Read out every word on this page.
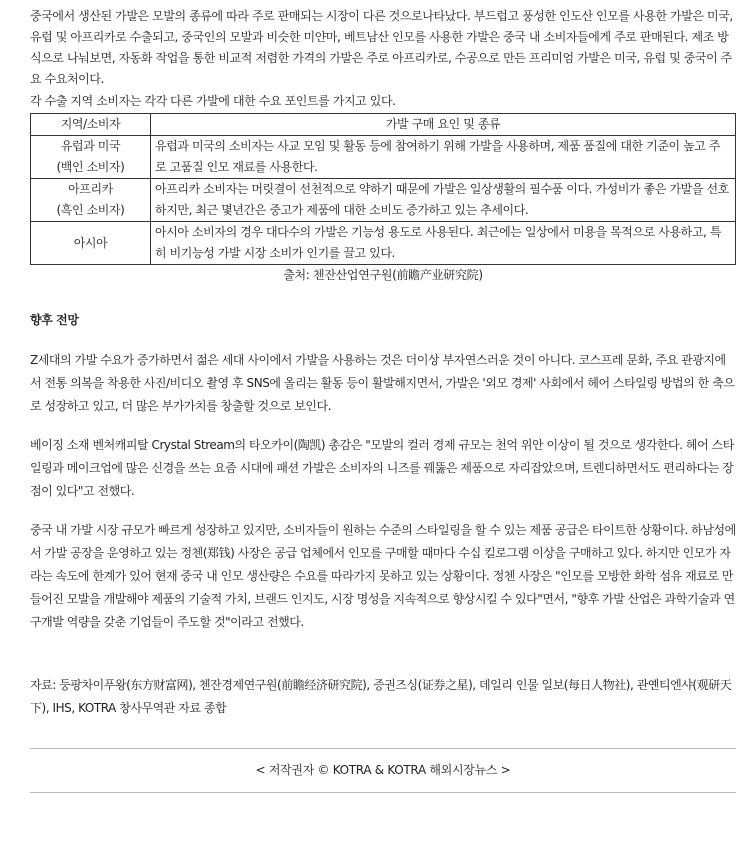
중국에서 생산된 가발은 모발의 종류에 따라 주로 판매되는 시장이 다른 것으로나타났다. 부드럽고 풍성한 인도산 인모를 사용한 가발은 미국, 유럽 및 아프리카로 수출되고, 중국인의 모발과 비슷한 미얀마, 베트남산 인모를 사용한 가발은 중국 내 소비자들에게 주로 판매된다. 제조 방식으로 나눠보면, 자동화 작업을 통한 비교적 저렴한 가격의 가발은 주로 아프리카로, 수공으로 만든 프리미엄 가발은 미국, 유럽 및 중국이 주요 수요처이다.

각 수출 지역 소비자는 각각 다른 가발에 대한 수요 포인트를 가지고 있다.

지역/소비자	가발 구매 요인 및 종류

유럽과 미국
(백인 소비자)	유럽과 미국의 소비자는 사교 모임 및 활동 등에 참여하기 위해 가발을 사용하며, 제품 품질에 대한 기준이 높고 주로 고품질 인모 재료를 사용한다.

아프리카
(흑인 소비자)	아프리카 소비자는 머릿결이 선천적으로 약하기 때문에 가발은 일상생활의 필수품 이다. 가성비가 좋은 가발을 선호하지만, 최근 몇년간은 중고가 제품에 대한 소비도 증가하고 있는 추세이다.

아시아	아시아 소비자의 경우 대다수의 가발은 기능성 용도로 사용된다. 최근에는 일상에서 미용을 목적으로 사용하고, 특히 비기능성 가발 시장 소비가 인기를 끌고 있다.

출처: 첸잔산업연구원(前瞻产业研究院)

향후 전망

Z세대의 가발 수요가 증가하면서 젊은 세대 사이에서 가발을 사용하는 것은 더이상 부자연스러운 것이 아니다. 코스프레 문화, 주요 관광지에서 전통 의복을 착용한 사진/비디오 촬영 후 SNS에 올리는 활동 등이 활발해지면서, 가발은 '외모 경제' 사회에서 헤어 스타일링 방법의 한 축으로 성장하고 있고, 더 많은 부가가치를 창출할 것으로 보인다.

베이징 소재 벤처캐피탈 Crystal Stream의 타오카이(陶凯) 총감은 "모발의 컬러 경제 규모는 천억 위안 이상이 될 것으로 생각한다. 헤어 스타일링과 메이크업에 많은 신경을 쓰는 요즘 시대에 패션 가발은 소비자의 니즈를 꿰뚫은 제품으로 자리잡았으며, 트렌디하면서도 편리하다는 장점이 있다"고 전했다.

중국 내 가발 시장 규모가 빠르게 성장하고 있지만, 소비자들이 원하는 수준의 스타일링을 할 수 있는 제품 공급은 타이트한 상황이다. 하남성에서 가발 공장을 운영하고 있는 정첸(郑钱) 사장은 공급 업체에서 인모를 구매할 때마다 수십 킬로그램 이상을 구매하고 있다. 하지만 인모가 자라는 속도에 한계가 있어 현재 중국 내 인모 생산량은 수요를 따라가지 못하고 있는 상황이다. 정첸 사장은 "인모를 모방한 화학 섬유 재료로 만들어진 모발을 개발해야 제품의 기술적 가치, 브랜드 인지도, 시장 명성을 지속적으로 향상시킬 수 있다"면서, "향후 가발 산업은 과학기술과 연구개발 역량을 갖춘 기업들이 주도할 것"이라고 전했다.

자료: 둥팡차이푸왕(东方财富网), 첸잔경제연구원(前瞻经济研究院), 증권즈싱(证券之星), 데일리 인물 일보(每日人物社), 관옌티엔샤(观研天下), IHS, KOTRA 창사무역관 자료 종합

< 저작권자 © KOTRA & KOTRA 해외시장뉴스 >
